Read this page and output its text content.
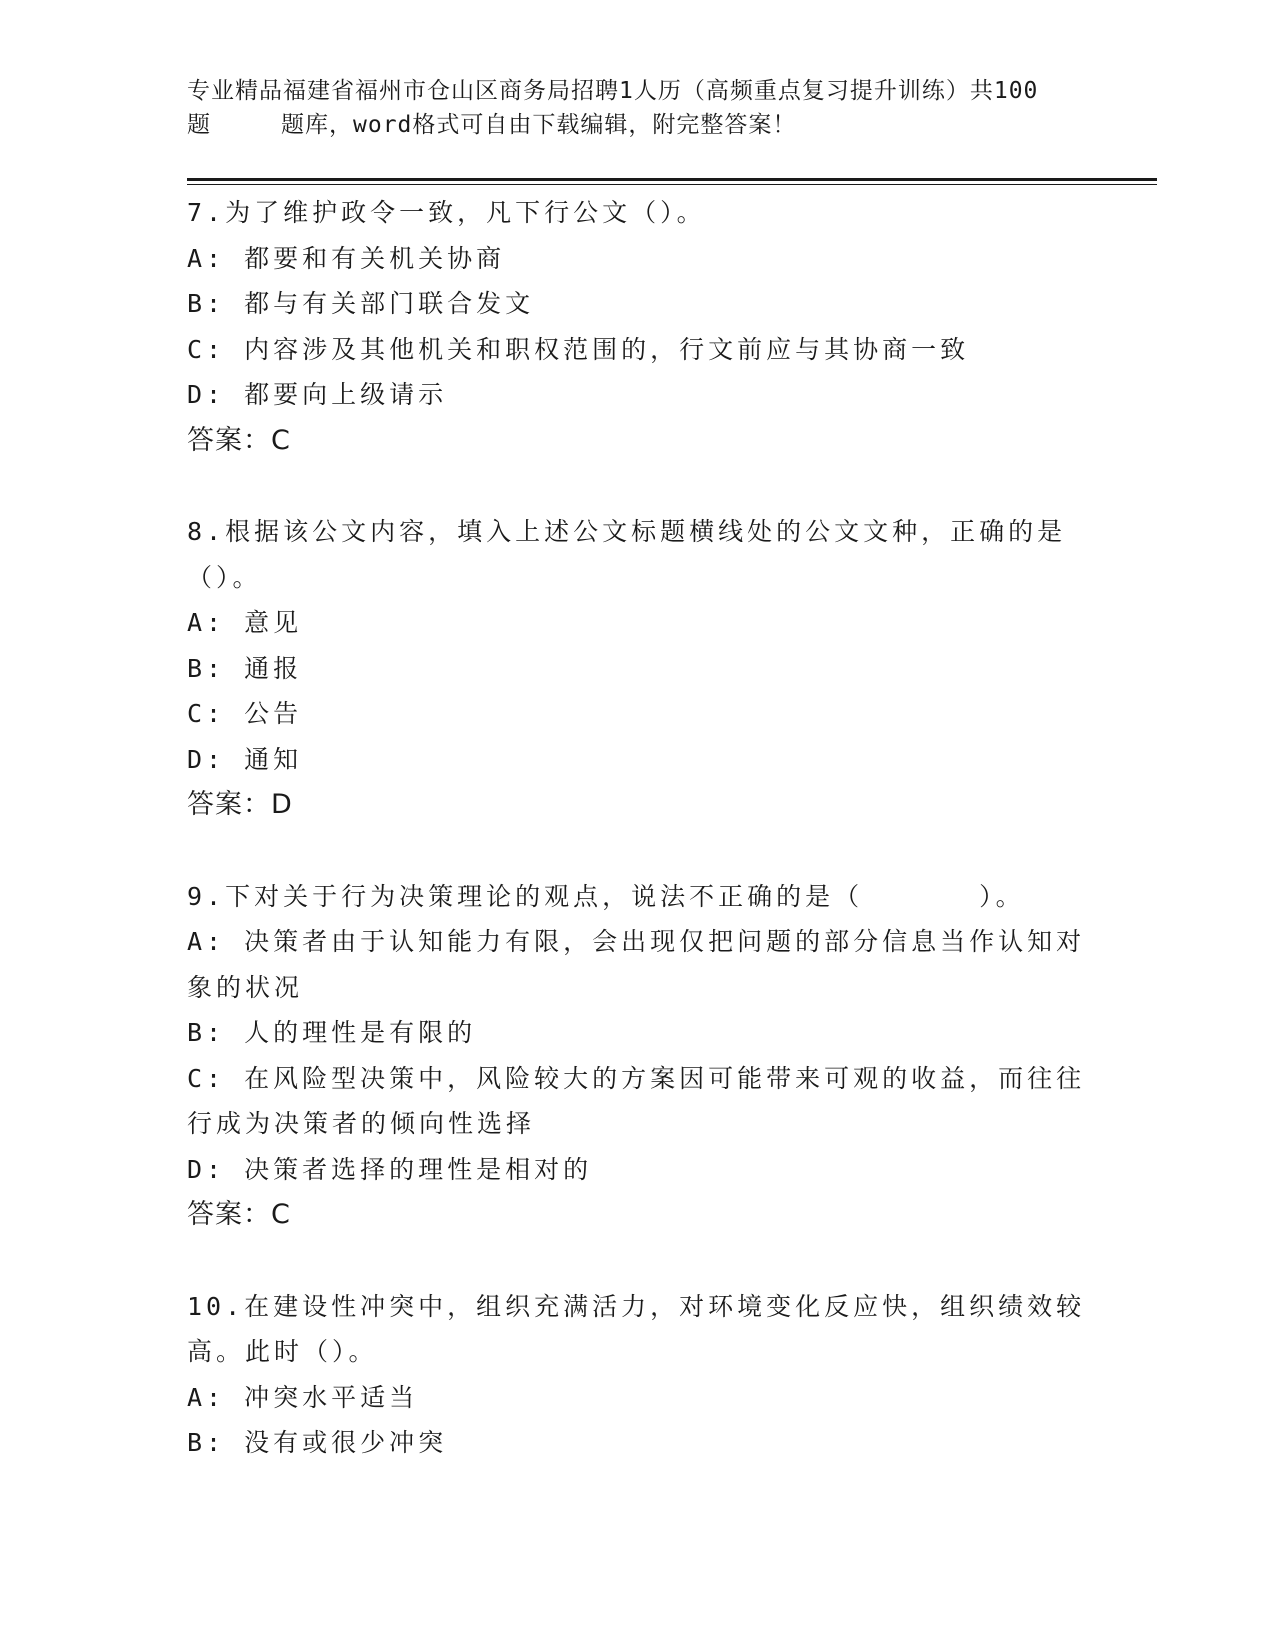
专业精品福建省福州市仓山区商务局招聘1人历（高频重点复习提升训练）共100
题	题库，word格式可自由下载编辑，附完整答案！
7.为了维护政令一致，凡下行公文（）。
A: 都要和有关机关协商
B: 都与有关部门联合发文
C: 内容涉及其他机关和职权范围的，行文前应与其协商一致
D: 都要向上级请示
答案：C
8.根据该公文内容，填入上述公文标题横线处的公文文种，正确的是（）。
A: 意见
B: 通报
C: 公告
D: 通知
答案：D
9.下对关于行为决策理论的观点，说法不正确的是（　　　　）。
A: 决策者由于认知能力有限，会出现仅把问题的部分信息当作认知对象的状况
B: 人的理性是有限的
C: 在风险型决策中，风险较大的方案因可能带来可观的收益，而往往行成为决策者的倾向性选择
D: 决策者选择的理性是相对的
答案：C
10.在建设性冲突中，组织充满活力，对环境变化反应快，组织绩效较高。此时（）。
A: 冲突水平适当
B: 没有或很少冲突
